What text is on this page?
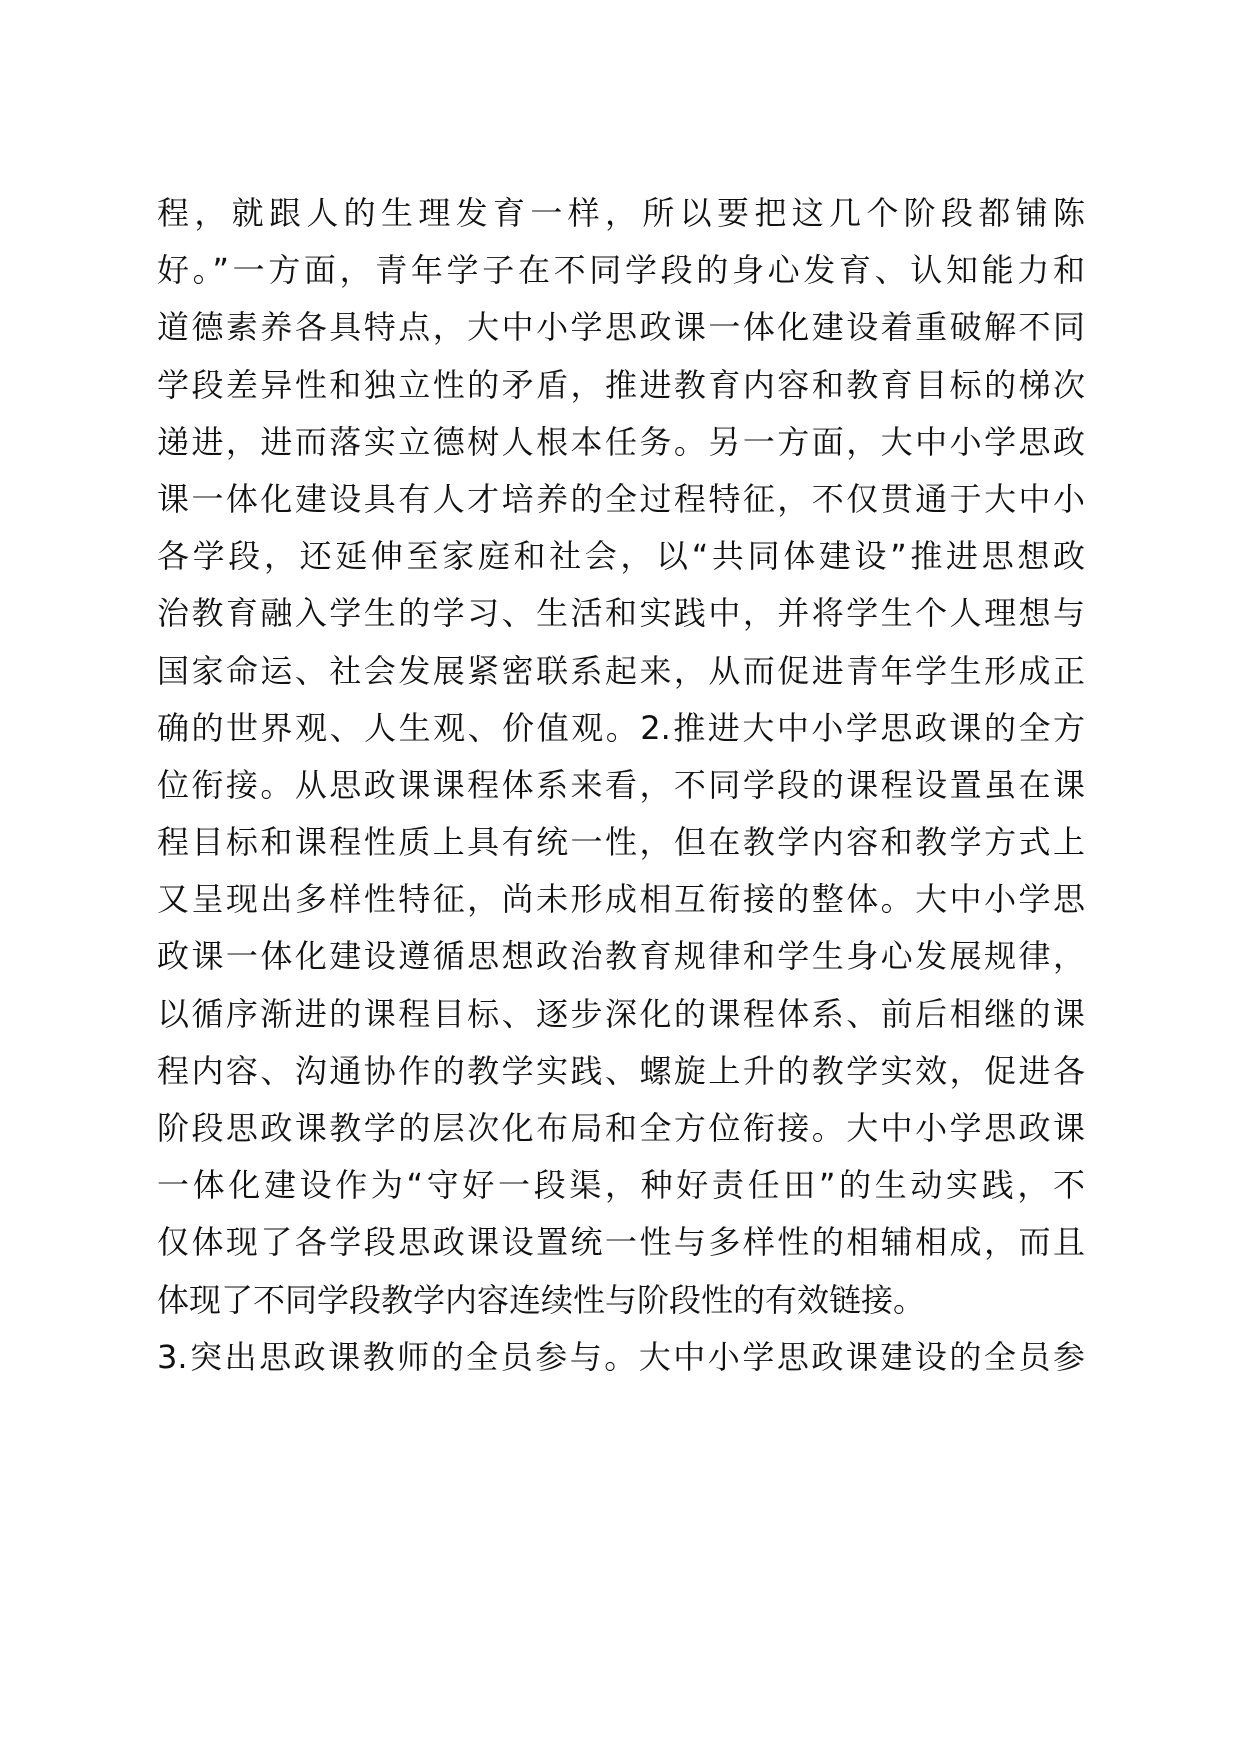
程，就跟人的生理发育一样，所以要把这几个阶段都铺陈
好。”一方面，青年学子在不同学段的身心发育、认知能力和
道德素养各具特点，大中小学思政课一体化建设着重破解不同
学段差异性和独立性的矛盾，推进教育内容和教育目标的梯次
递进，进而落实立德树人根本任务。另一方面，大中小学思政
课一体化建设具有人才培养的全过程特征，不仅贯通于大中小
各学段，还延伸至家庭和社会，以“共同体建设”推进思想政
治教育融入学生的学习、生活和实践中，并将学生个人理想与
国家命运、社会发展紧密联系起来，从而促进青年学生形成正
确的世界观、人生观、价值观。2.推进大中小学思政课的全方
位衔接。从思政课课程体系来看，不同学段的课程设置虽在课
程目标和课程性质上具有统一性，但在教学内容和教学方式上
又呈现出多样性特征，尚未形成相互衔接的整体。大中小学思
政课一体化建设遵循思想政治教育规律和学生身心发展规律，
以循序渐进的课程目标、逐步深化的课程体系、前后相继的课
程内容、沟通协作的教学实践、螺旋上升的教学实效，促进各
阶段思政课教学的层次化布局和全方位衔接。大中小学思政课
一体化建设作为“守好一段渠，种好责任田”的生动实践，不
仅体现了各学段思政课设置统一性与多样性的相辅相成，而且
体现了不同学段教学内容连续性与阶段性的有效链接。
3.突出思政课教师的全员参与。大中小学思政课建设的全员参
